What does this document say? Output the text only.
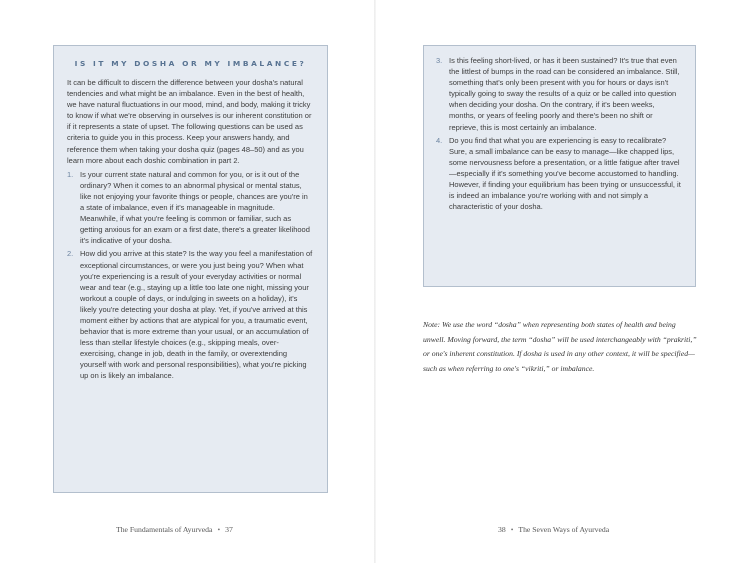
IS IT MY DOSHA OR MY IMBALANCE?

It can be difficult to discern the difference between your dosha's natural tendencies and what might be an imbalance. Even in the best of health, we have natural fluctuations in our mood, mind, and body, making it tricky to know if what we're observing in ourselves is our inherent constitution or if it represents a state of upset. The following questions can be used as criteria to guide you in this process. Keep your answers handy, and reference them when taking your dosha quiz (pages 48–50) and as you learn more about each doshic combination in part 2.

1. Is your current state natural and common for you, or is it out of the ordinary? When it comes to an abnormal physical or mental status, like not enjoying your favorite things or people, chances are you're in a state of imbalance, even if it's manageable in magnitude. Meanwhile, if what you're feeling is common or familiar, such as getting anxious for an exam or a first date, there's a greater likelihood it's indicative of your dosha.
2. How did you arrive at this state? Is the way you feel a manifestation of exceptional circumstances, or were you just being you? When what you're experiencing is a result of your everyday activities or normal wear and tear (e.g., staying up a little too late one night, missing your workout a couple of days, or indulging in sweets on a holiday), it's likely you're detecting your dosha at play. Yet, if you've arrived at this moment either by actions that are atypical for you, a traumatic event, behavior that is more extreme than your usual, or an accumulation of less than stellar lifestyle choices (e.g., skipping meals, over-exercising, change in job, death in the family, or overextending yourself with work and personal responsibilities), what you're picking up on is likely an imbalance.
3. Is this feeling short-lived, or has it been sustained? It's true that even the littlest of bumps in the road can be considered an imbalance. Still, something that's only been present with you for hours or days isn't typically going to sway the results of a quiz or be called into question when deciding your dosha. On the contrary, if it's been weeks, months, or years of feeling poorly and there's been no shift or reprieve, this is most certainly an imbalance.
4. Do you find that what you are experiencing is easy to recalibrate? Sure, a small imbalance can be easy to manage—like chapped lips, some nervousness before a presentation, or a little fatigue after travel—especially if it's something you've become accustomed to handling. However, if finding your equilibrium has been trying or unsuccessful, it is indeed an imbalance you're working with and not simply a characteristic of your dosha.

Note: We use the word “dosha” when representing both states of health and being unwell. Moving forward, the term “dosha” will be used interchangeably with “prakriti,” or one's inherent constitution. If dosha is used in any other context, it will be specified—such as when referring to one's “vikriti,” or imbalance.

The Fundamentals of Ayurveda • 37	38 • The Seven Ways of Ayurveda
